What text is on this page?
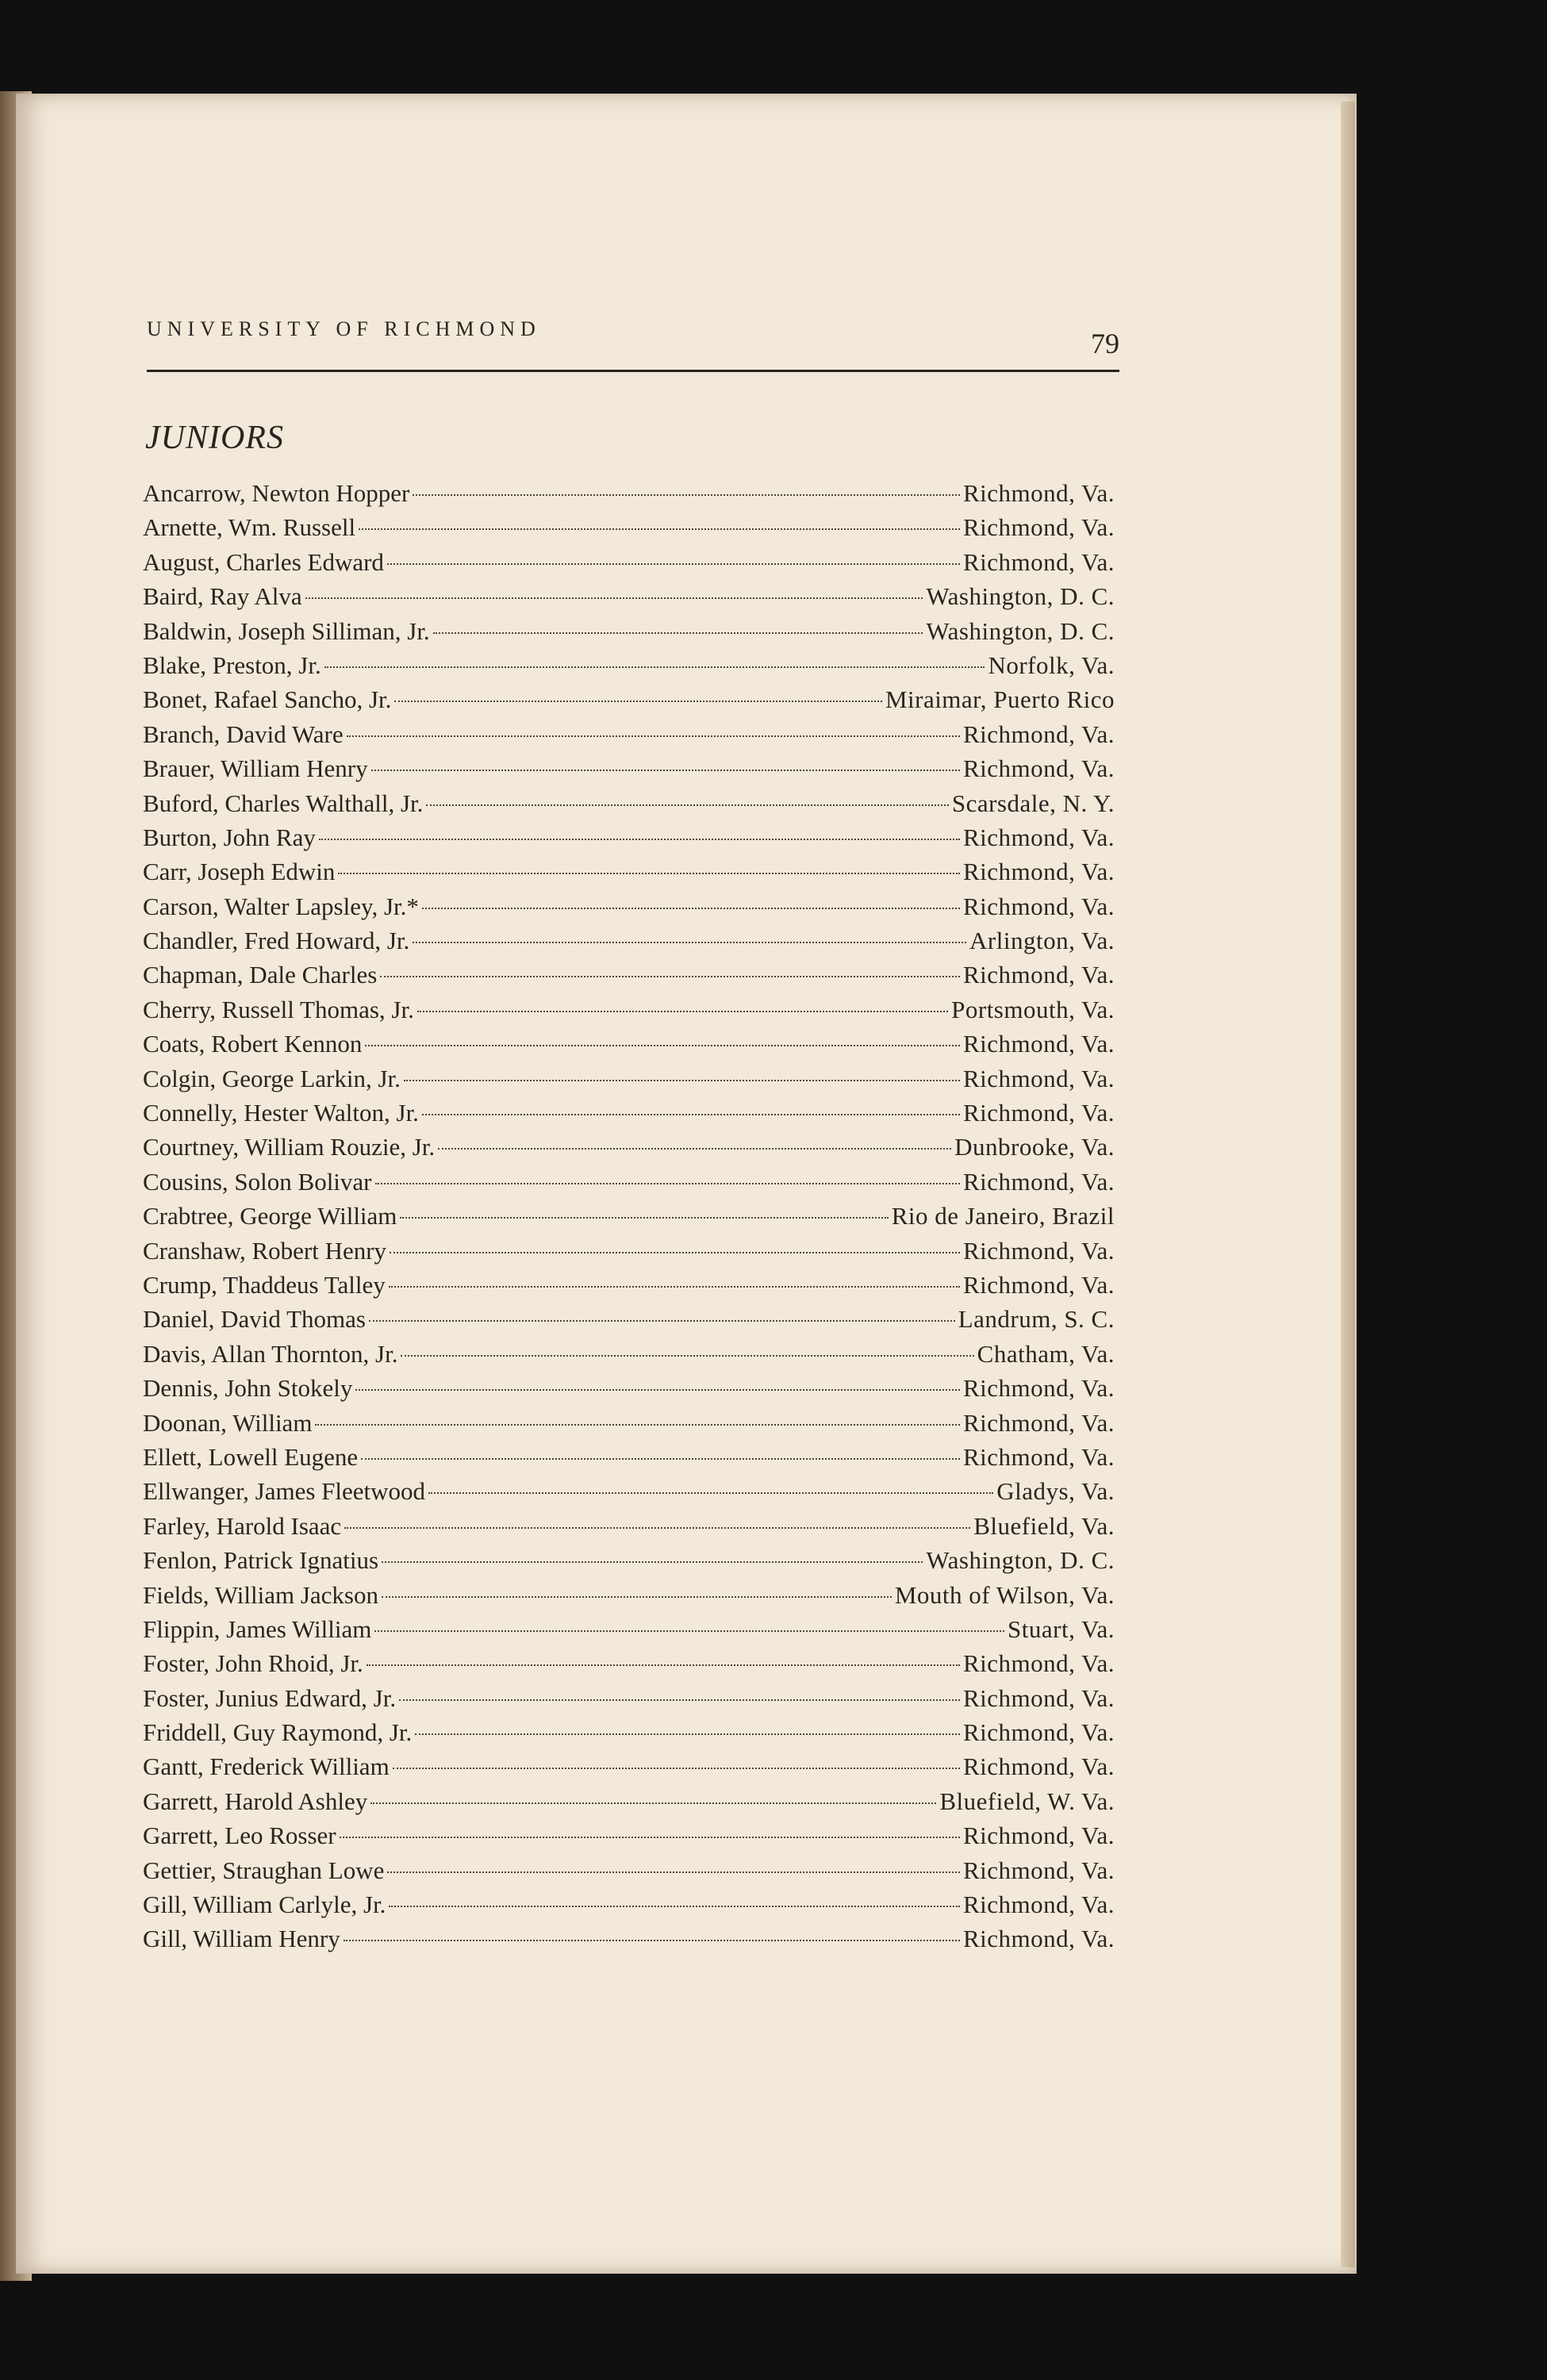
UNIVERSITY OF RICHMOND	79
JUNIORS
Ancarrow, Newton Hopper	Richmond, Va.
Arnette, Wm. Russell	Richmond, Va.
August, Charles Edward	Richmond, Va.
Baird, Ray Alva	Washington, D. C.
Baldwin, Joseph Silliman, Jr.	Washington, D. C.
Blake, Preston, Jr.	Norfolk, Va.
Bonet, Rafael Sancho, Jr.	Miraimar, Puerto Rico
Branch, David Ware	Richmond, Va.
Brauer, William Henry	Richmond, Va.
Buford, Charles Walthall, Jr.	Scarsdale, N. Y.
Burton, John Ray	Richmond, Va.
Carr, Joseph Edwin	Richmond, Va.
Carson, Walter Lapsley, Jr.*	Richmond, Va.
Chandler, Fred Howard, Jr.	Arlington, Va.
Chapman, Dale Charles	Richmond, Va.
Cherry, Russell Thomas, Jr.	Portsmouth, Va.
Coats, Robert Kennon	Richmond, Va.
Colgin, George Larkin, Jr.	Richmond, Va.
Connelly, Hester Walton, Jr.	Richmond, Va.
Courtney, William Rouzie, Jr.	Dunbrooke, Va.
Cousins, Solon Bolivar	Richmond, Va.
Crabtree, George William	Rio de Janeiro, Brazil
Cranshaw, Robert Henry	Richmond, Va.
Crump, Thaddeus Talley	Richmond, Va.
Daniel, David Thomas	Landrum, S. C.
Davis, Allan Thornton, Jr.	Chatham, Va.
Dennis, John Stokely	Richmond, Va.
Doonan, William	Richmond, Va.
Ellett, Lowell Eugene	Richmond, Va.
Ellwanger, James Fleetwood	Gladys, Va.
Farley, Harold Isaac	Bluefield, Va.
Fenlon, Patrick Ignatius	Washington, D. C.
Fields, William Jackson	Mouth of Wilson, Va.
Flippin, James William	Stuart, Va.
Foster, John Rhoid, Jr.	Richmond, Va.
Foster, Junius Edward, Jr.	Richmond, Va.
Friddell, Guy Raymond, Jr.	Richmond, Va.
Gantt, Frederick William	Richmond, Va.
Garrett, Harold Ashley	Bluefield, W. Va.
Garrett, Leo Rosser	Richmond, Va.
Gettier, Straughan Lowe	Richmond, Va.
Gill, William Carlyle, Jr.	Richmond, Va.
Gill, William Henry	Richmond, Va.
